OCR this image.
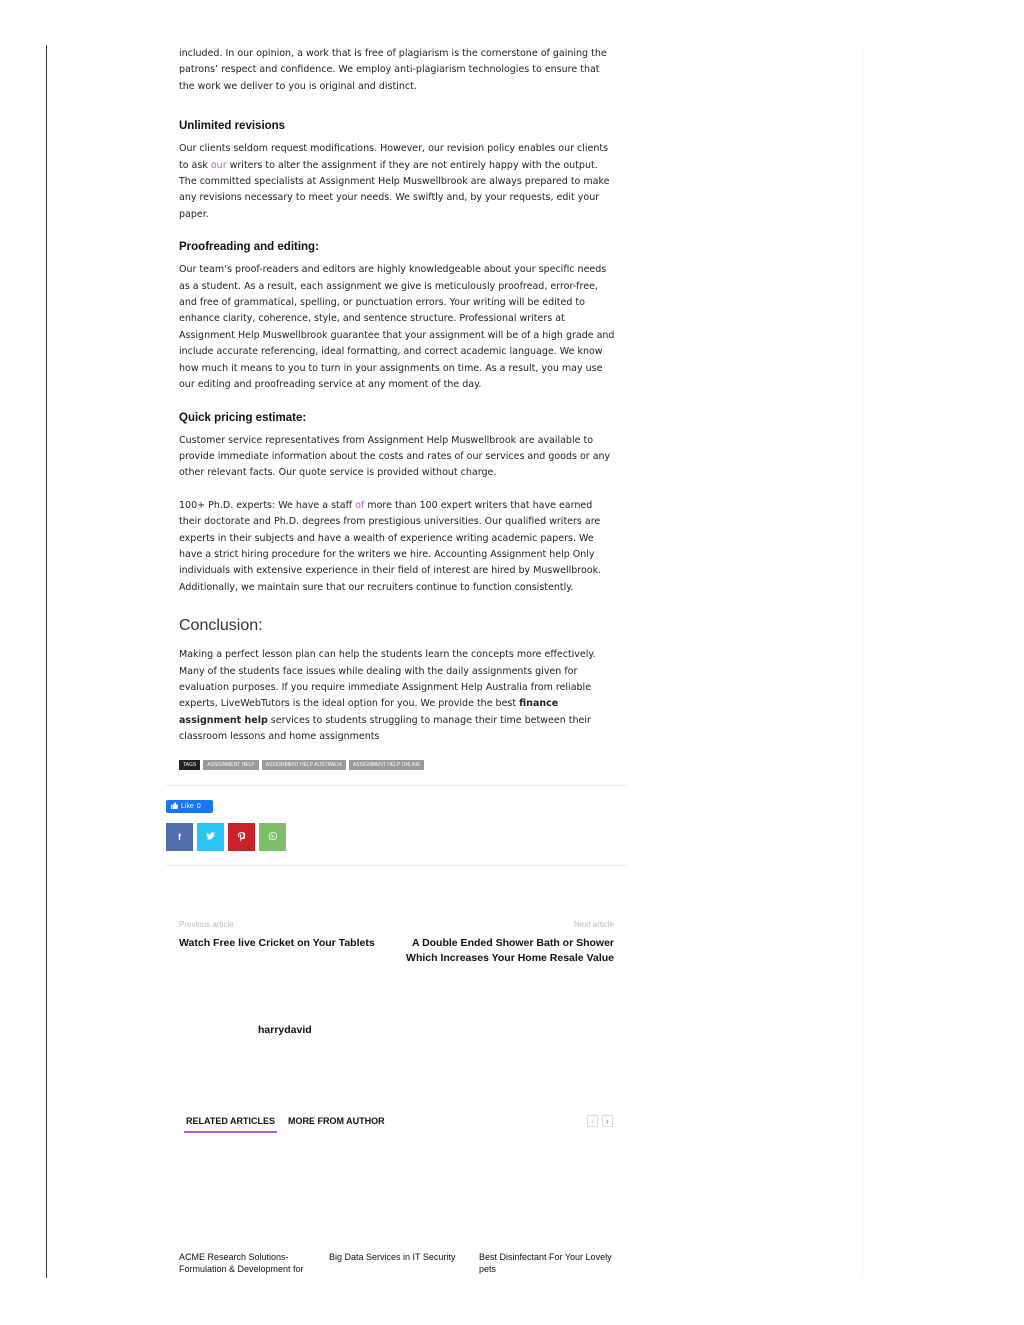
included. In our opinion, a work that is free of plagiarism is the cornerstone of gaining the patrons’ respect and confidence. We employ anti-plagiarism technologies to ensure that the work we deliver to you is original and distinct.

Unlimited revisions

Our clients seldom request modifications. However, our revision policy enables our clients to ask our writers to alter the assignment if they are not entirely happy with the output. The committed specialists at Assignment Help Muswellbrook are always prepared to make any revisions necessary to meet your needs. We swiftly and, by your requests, edit your paper.

Proofreading and editing:

Our team’s proof-readers and editors are highly knowledgeable about your specific needs as a student. As a result, each assignment we give is meticulously proofread, error-free, and free of grammatical, spelling, or punctuation errors. Your writing will be edited to enhance clarity, coherence, style, and sentence structure. Professional writers at Assignment Help Muswellbrook guarantee that your assignment will be of a high grade and include accurate referencing, ideal formatting, and correct academic language. We know how much it means to you to turn in your assignments on time. As a result, you may use our editing and proofreading service at any moment of the day.

Quick pricing estimate:

Customer service representatives from Assignment Help Muswellbrook are available to provide immediate information about the costs and rates of our services and goods or any other relevant facts. Our quote service is provided without charge.

100+ Ph.D. experts: We have a staff of more than 100 expert writers that have earned their doctorate and Ph.D. degrees from prestigious universities. Our qualified writers are experts in their subjects and have a wealth of experience writing academic papers. We have a strict hiring procedure for the writers we hire. Accounting Assignment help Only individuals with extensive experience in their field of interest are hired by Muswellbrook. Additionally, we maintain sure that our recruiters continue to function consistently.

Conclusion:

Making a perfect lesson plan can help the students learn the concepts more effectively. Many of the students face issues while dealing with the daily assignments given for evaluation purposes. If you require immediate Assignment Help Australia from reliable experts, LiveWebTutors is the ideal option for you. We provide the best finance assignment help services to students struggling to manage their time between their classroom lessons and home assignments

TAGS	ASSIGNMENT HELP	ASSIGNMENT HELP AUSTRALIA	ASSIGNMENT HELP ONLINE
Like 0
f
Previous article	Next article
Watch Free live Cricket on Your Tablets	A Double Ended Shower Bath or Shower Which Increases Your Home Resale Value
harrydavid
RELATED ARTICLES MORE FROM AUTHOR	‹ ›
ACME Research Solutions- Formulation & Development for
Big Data Services in IT Security	Best Disinfectant For Your Lovely pets
